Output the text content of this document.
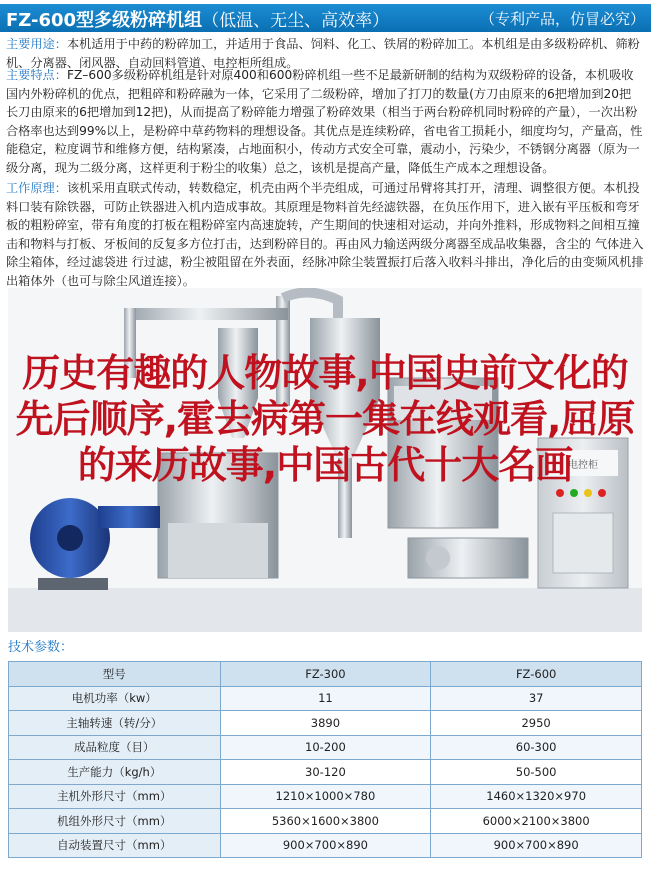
FZ-600型多级粉碎机组（低温、无尘、高效率）	（专利产品，仿冒必究）
主要用途：本机适用于中药的粉碎加工，并适用于食品、饲料、化工、铁屑的粉碎加工。本机组是由多级粉碎机、筛粉机、分离器、闭风器、自动回料管道、电控柜所组成。
主要特点：FZ–600多级粉碎机组是针对原400和600粉碎机组一些不足最新研制的结构为双级粉碎的设备，本机吸收国内外粉碎机的优点，把粗碎和粉碎融为一体，它采用了二级粉碎，增加了打刀的数量(方刀由原来的6把增加到20把 长刀由原来的6把增加到12把)，从而提高了粉碎能力增强了粉碎效果（相当于两台粉碎机同时粉碎的产量），一次出粉合格率也达到99%以上，是粉碎中草药物料的理想设备。其优点是连续粉碎，省电省工损耗小，细度均匀，产量高，性能稳定，粒度调节和维修方便，结构紧凑，占地面积小，传动方式安全可靠，震动小，污染少，不锈钢分离器（原为一级分离，现为二级分离，这样更利于粉尘的收集）总之，该机是提高产量，降低生产成本之理想设备。
工作原理：该机采用直联式传动，转数稳定，机壳由两个半壳组成，可通过吊臂将其打开，清理、调整很方便。本机投料口装有除铁器，可防止铁器进入机内造成事故。其原理是物料首先经滤铁器，在负压作用下，进入嵌有平压板和弯牙板的粗粉碎室，带有角度的打板在粗粉碎室内高速旋转，产生期间的快速相对运动，并向外推料，形成物料之间相互撞击和物料与打板、牙板间的反复多方位打击，达到粉碎目的。再由风力输送两级分离器至成品收集器，含尘的 气体进入除尘箱体，经过滤袋进 行过滤，粉尘被阻留在外表面，经脉冲除尘装置振打后落入收料斗排出，净化后的由变频风机排出箱体外（也可与除尘风道连接）。
电控柜
历史有趣的人物故事,中国史前文化的先后顺序,霍去病第一集在线观看,屈原的来历故事,中国古代十大名画
技术参数：
型号	FZ-300	FZ-600
电机功率（kw）	11	37
主轴转速（转/分）	3890	2950
成品粒度（目）	10-200	60-300
生产能力（kg/h）	30-120	50-500
主机外形尺寸（mm）	1210×1000×780	1460×1320×970
机组外形尺寸（mm）	5360×1600×3800	6000×2100×3800
自动装置尺寸（mm）	900×700×890	900×700×890
